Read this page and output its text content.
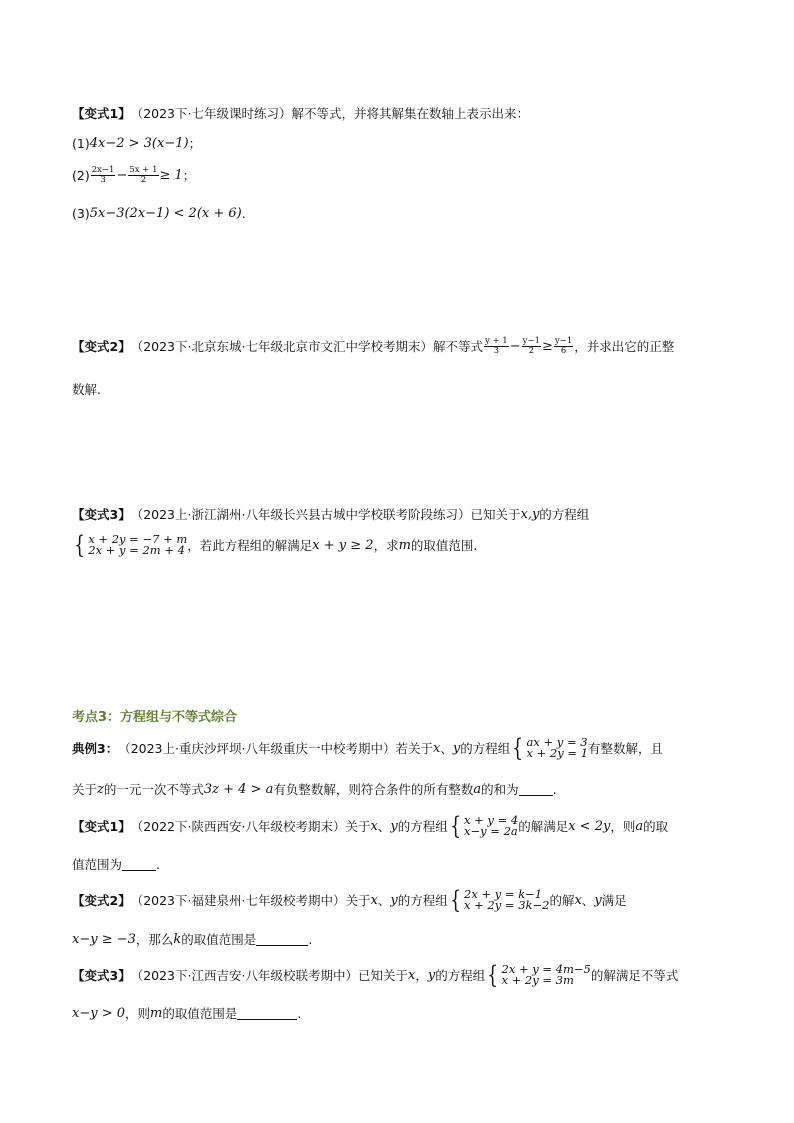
【变式1】 （2023下·七年级课时练习） 解不等式，并将其解集在数轴上表示出来：
(1) 4x−2 > 3(x−1) ；
$(2) \frac{2x-1}{3} - \frac{5x + 1}{2} \ge 1$ ；
(3) 5x−3(2x−1) < 2(x + 6) .
【变式2】 （2023下·北京东城·七年级北京市文汇中学校考期末） 解不等式 $\frac{y + 1}{3} - \frac{y-1}{2} \ge \frac{y-1}{6}$ ，并求出它的正整
数解.
【变式3】 （2023上·浙江湖州·八年级长兴县古城中学校联考阶段练习） 已知关于 x,y 的方程组
{ x + 2y = −7 + m
2x + y = 2m + 4 ，若此方程组的解满足 x + y ≥ 2 ，求 m 的取值范围.
考点3：方程组与不等式综合
典例3： （2023上·重庆沙坪坝·八年级重庆一中校考期中） 若关于 x 、 y 的方程组 { ax + y = 3
x + 2y = 1 有整数解，且
关于 z 的一元一次不等式 3z + 4 > a 有负整数解，则符合条件的所有整数 a 的和为	.
【变式1】 （2022下·陕西西安·八年级校考期末） 关于 x 、 y 的方程组 { x + y = 4
x−y = 2a 的解满足 x < 2y ，则 a 的取
值范围为	.
【变式2】 （2023下·福建泉州·七年级校考期中） 关于 x 、 y 的方程组 { 2x + y = k−1
x + 2y = 3k−2 的解 x 、 y 满足
x−y ≥ −3 ，那么 k 的取值范围是	.
【变式3】 （2023下·江西吉安·八年级校联考期中） 已知关于 x ， y 的方程组 { 2x + y = 4m−5
x + 2y = 3m	的解满足不等式
x−y > 0 ，则 m 的取值范围是	.
